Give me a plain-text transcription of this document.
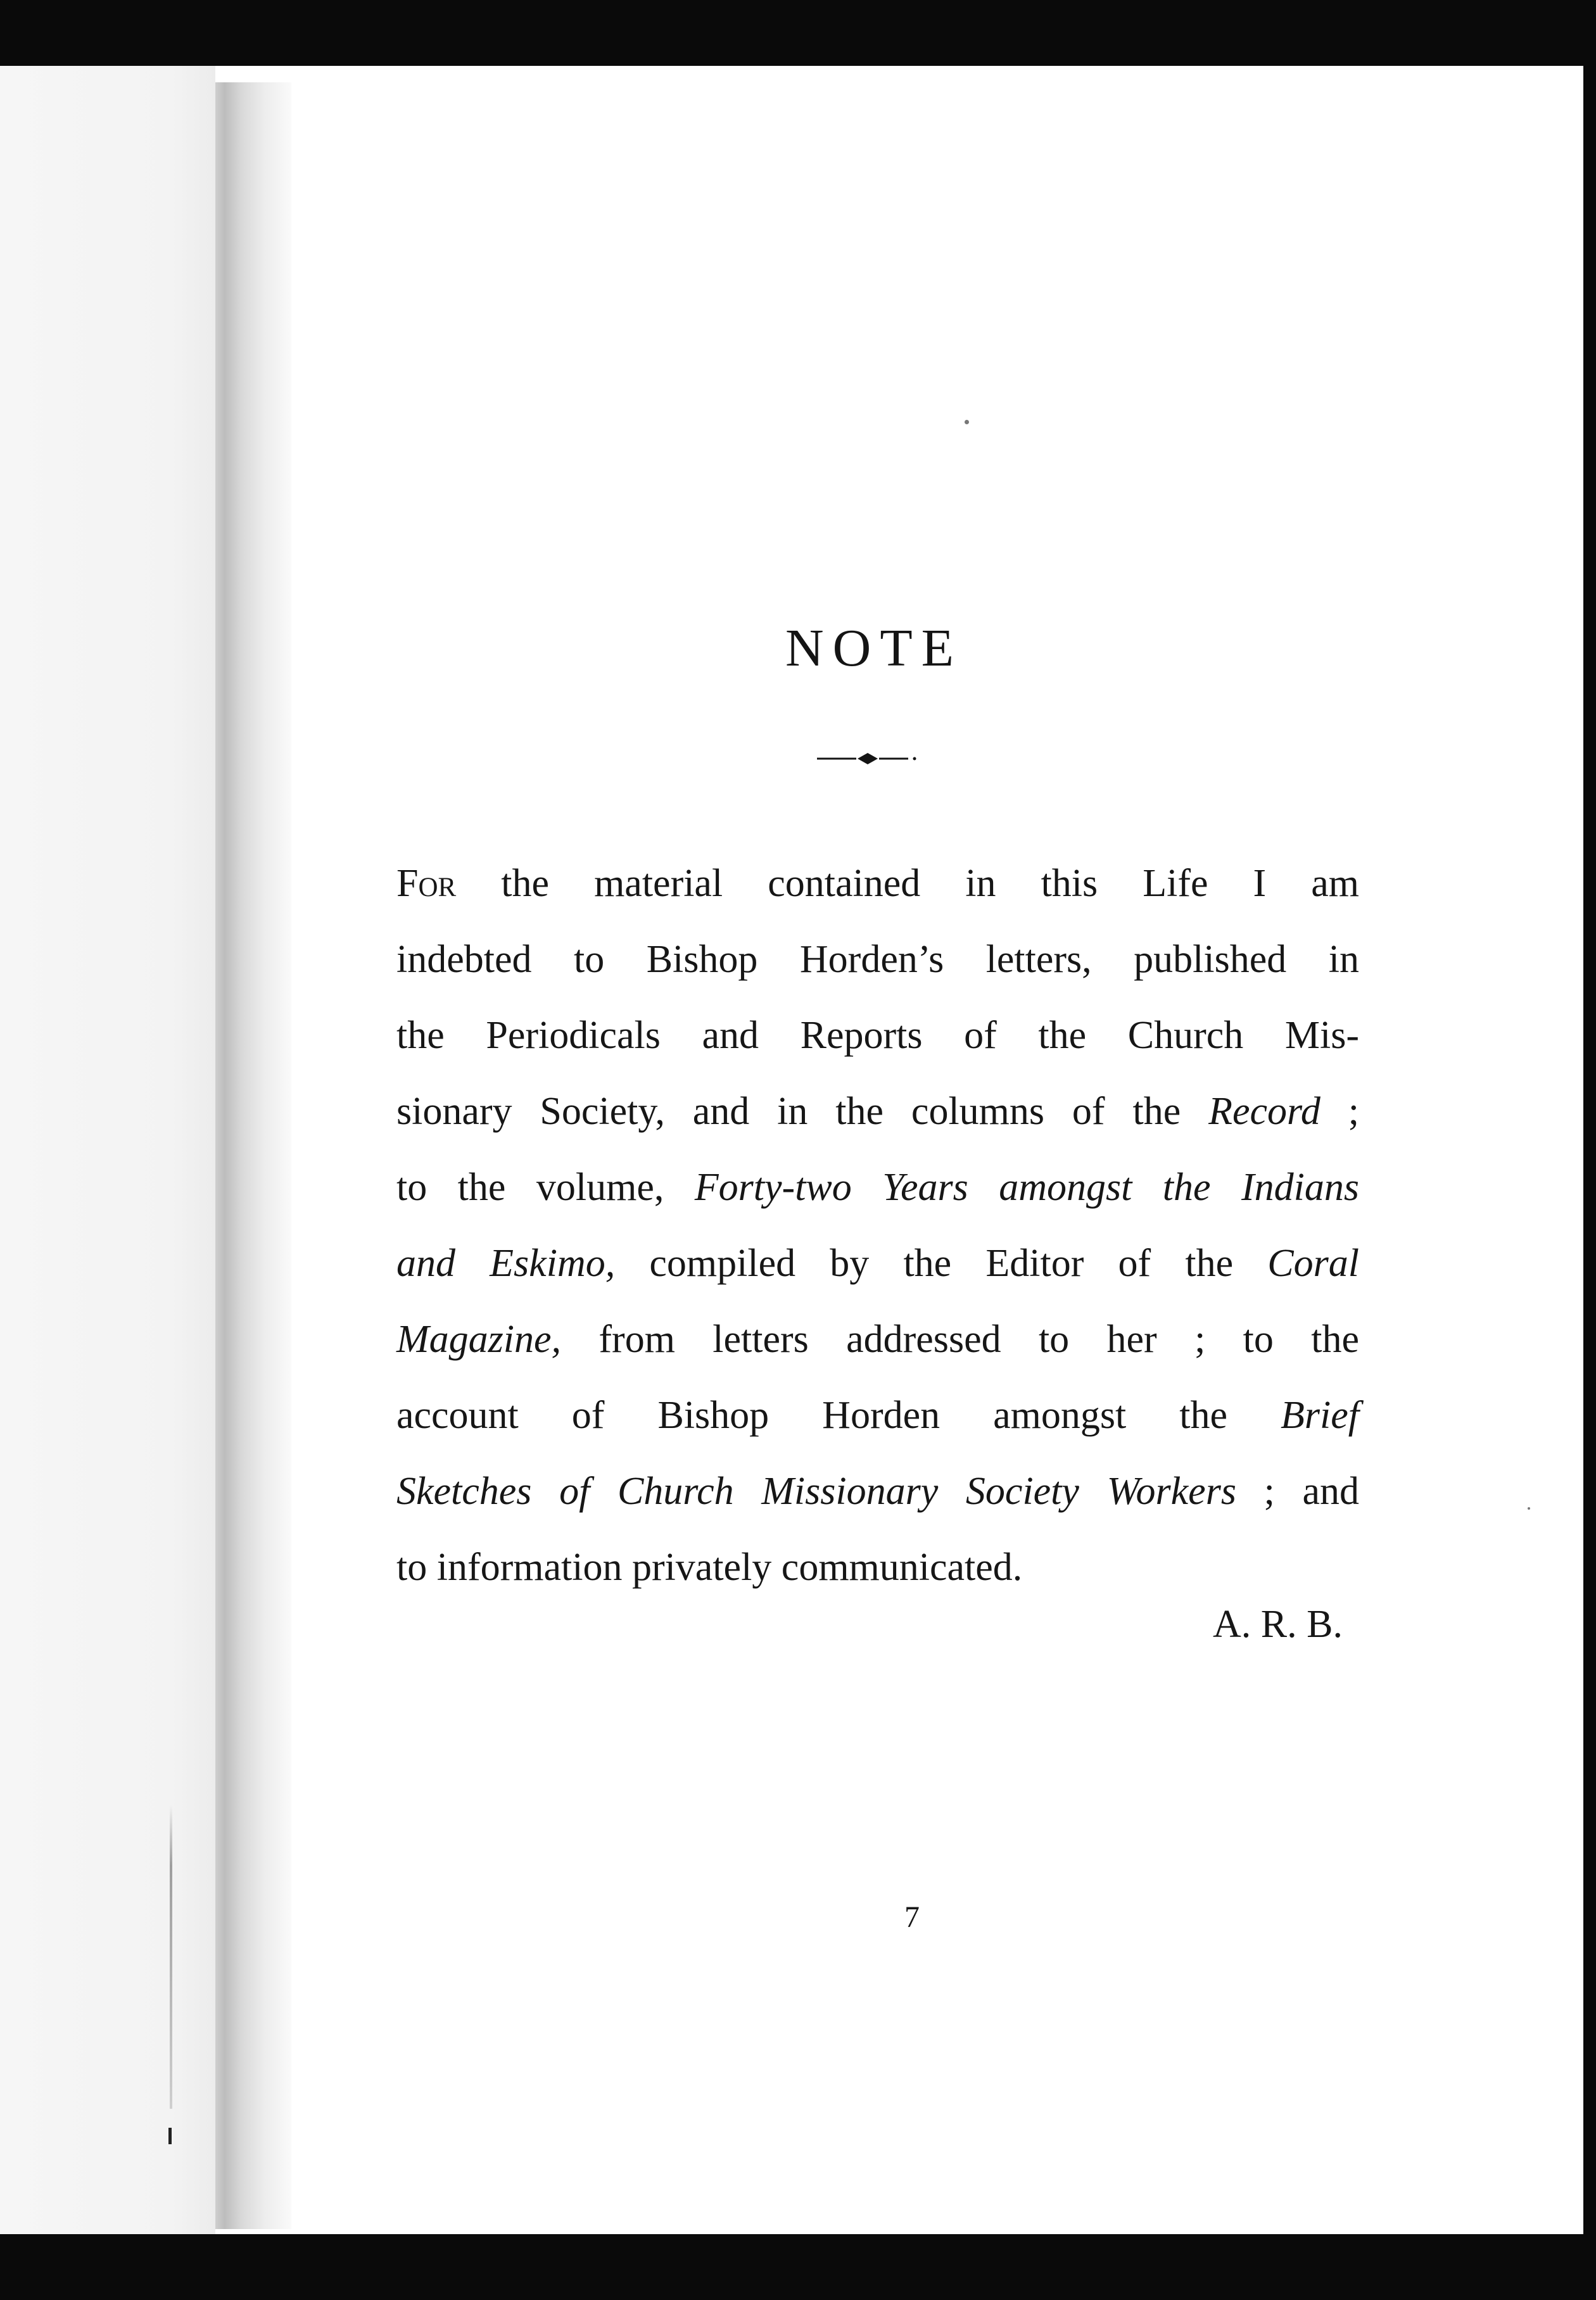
NOTE
For the material contained in this Life I am
indebted to Bishop Horden’s letters, published in
the Periodicals and Reports of the Church Mis-
sionary Society, and in the columns of the Record ;
to the volume, Forty-two Years amongst the Indians
and Eskimo, compiled by the Editor of the Coral
Magazine, from letters addressed to her ; to the
account of Bishop Horden amongst the Brief
Sketches of Church Missionary Society Workers ; and
to information privately communicated.
A. R. B.
7
